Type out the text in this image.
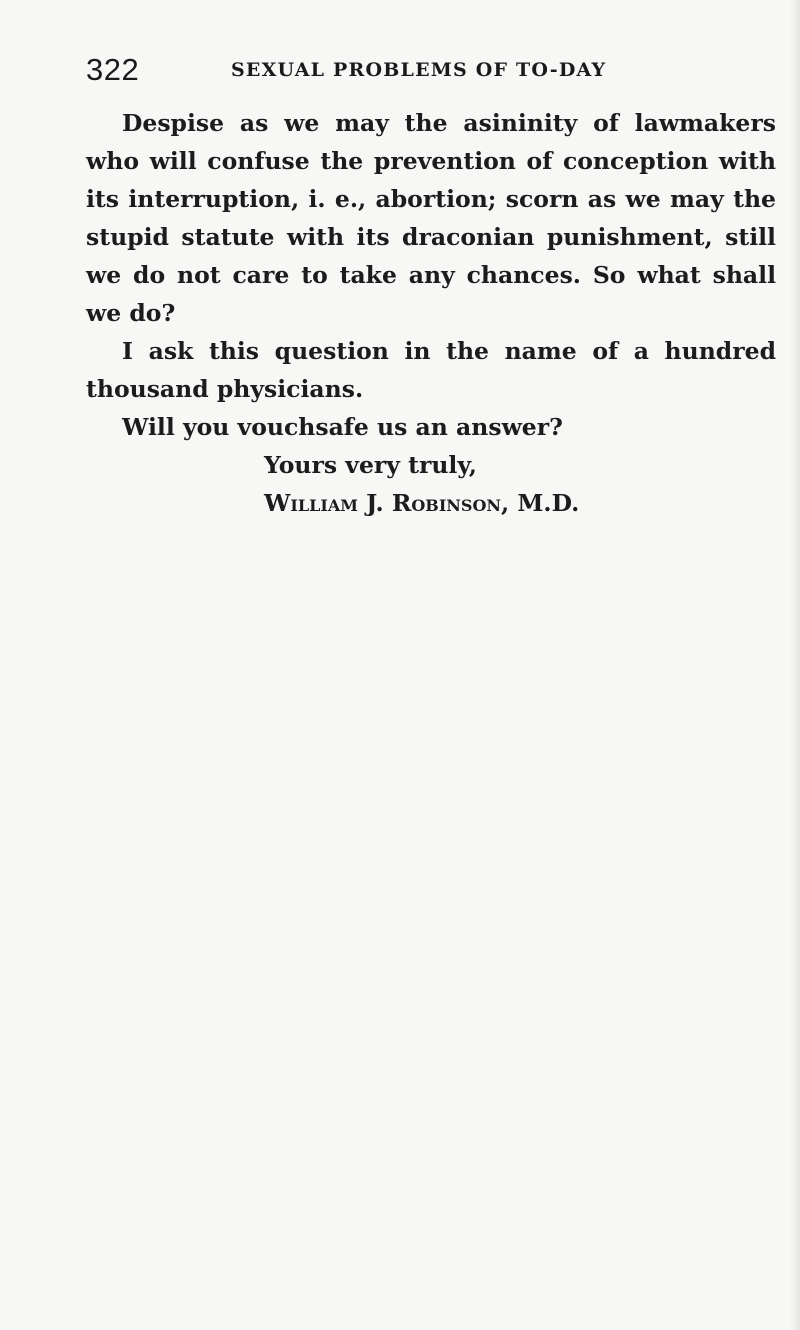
322	SEXUAL PROBLEMS OF TO-DAY

Despise as we may the asininity of lawmakers who will confuse the prevention of conception with its interruption, i. e., abortion; scorn as we may the stupid statute with its draconian punishment, still we do not care to take any chances. So what shall we do?

I ask this question in the name of a hundred thousand physicians.

Will you vouchsafe us an answer?

Yours very truly,

William J. Robinson, M.D.
